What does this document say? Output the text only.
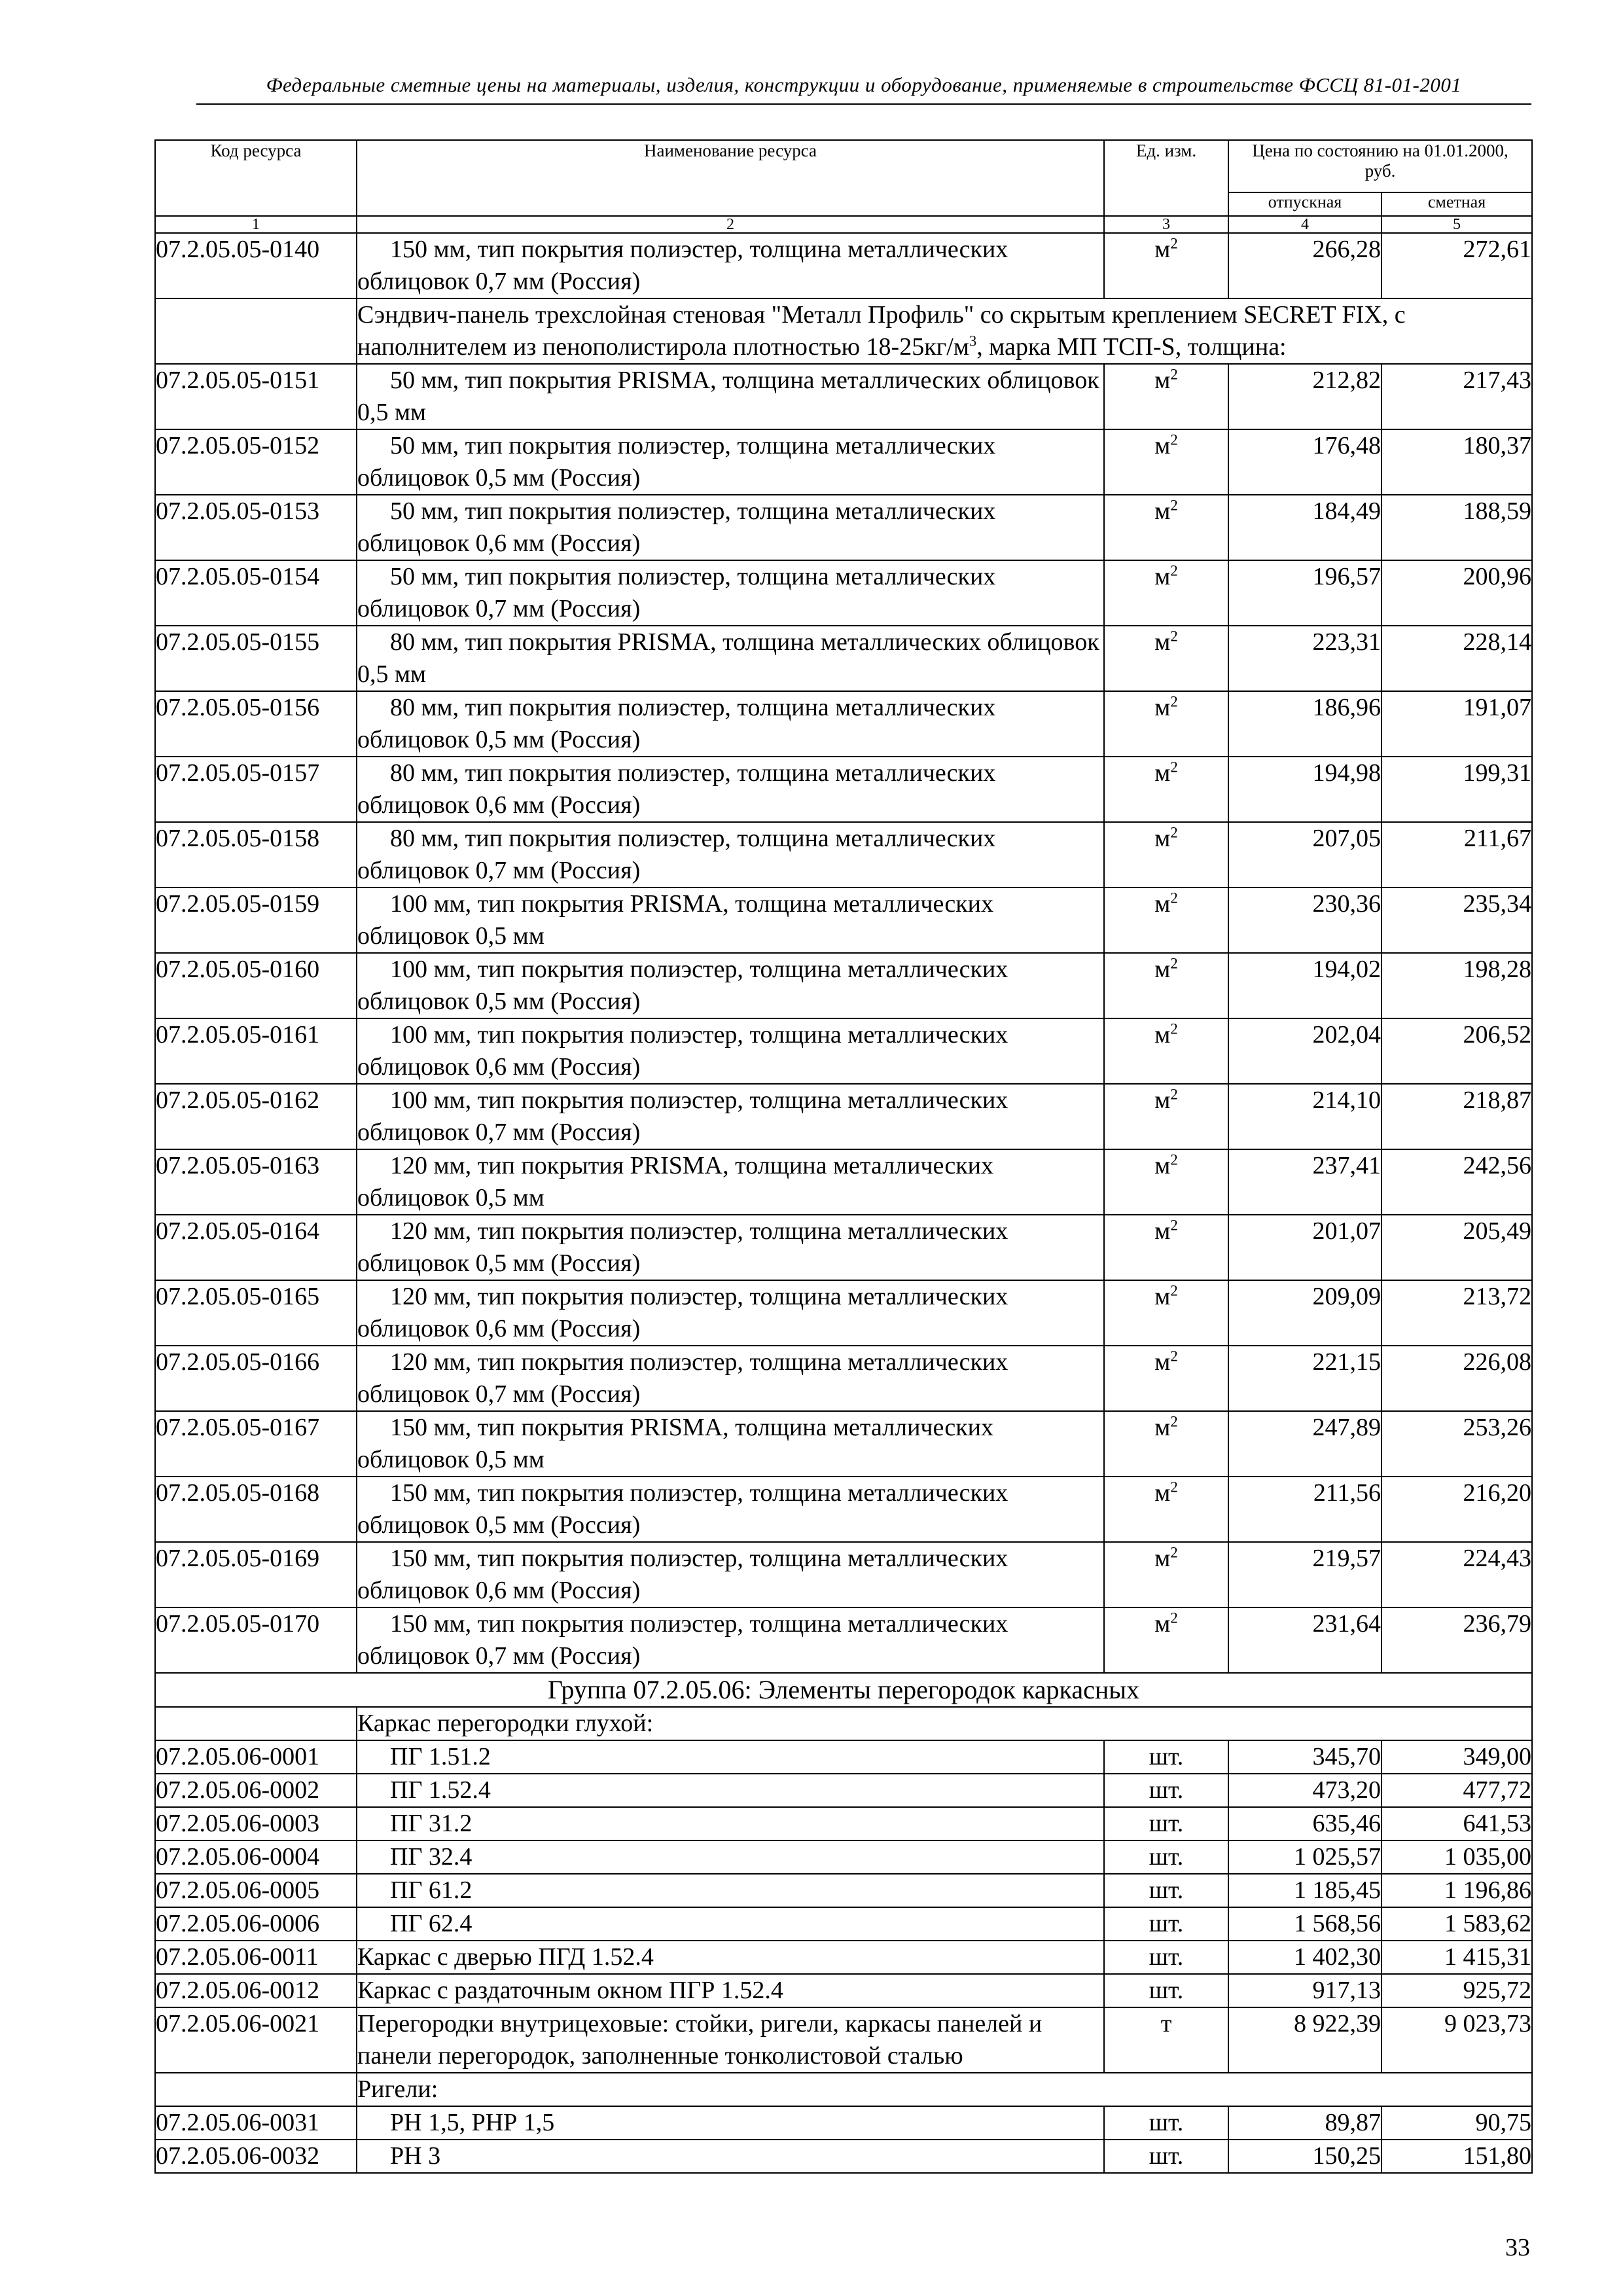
Федеральные сметные цены на материалы, изделия, конструкции и оборудование, применяемые в строительстве ФССЦ 81-01-2001
Код ресурса	Наименование ресурса	Ед. изм.	Цена по состоянию на 01.01.2000, руб.	
			отпускная	сметная
1	2	3	4	5
07.2.05.05-0140	150 мм, тип покрытия полиэстер, толщина металлических облицовок 0,7 мм (Россия)	$м^2$	266,28	272,61
	Сэндвич-панель трехслойная стеновая "Металл Профиль" со скрытым креплением SECRET FIX, с наполнителем из пенополистирола плотностью $18-25кг/м^3$, марка МП ТСП-S, толщина:			
07.2.05.05-0151	50 мм, тип покрытия PRISMA, толщина металлических облицовок 0,5 мм	$м^2$	212,82	217,43
07.2.05.05-0152	50 мм, тип покрытия полиэстер, толщина металлических облицовок 0,5 мм (Россия)	$м^2$	176,48	180,37
07.2.05.05-0153	50 мм, тип покрытия полиэстер, толщина металлических облицовок 0,6 мм (Россия)	$м^2$	184,49	188,59
07.2.05.05-0154	50 мм, тип покрытия полиэстер, толщина металлических облицовок 0,7 мм (Россия)	$м^2$	196,57	200,96
07.2.05.05-0155	80 мм, тип покрытия PRISMA, толщина металлических облицовок 0,5 мм	$м^2$	223,31	228,14
07.2.05.05-0156	80 мм, тип покрытия полиэстер, толщина металлических облицовок 0,5 мм (Россия)	$м^2$	186,96	191,07
07.2.05.05-0157	80 мм, тип покрытия полиэстер, толщина металлических облицовок 0,6 мм (Россия)	$м^2$	194,98	199,31
07.2.05.05-0158	80 мм, тип покрытия полиэстер, толщина металлических облицовок 0,7 мм (Россия)	$м^2$	207,05	211,67
07.2.05.05-0159	100 мм, тип покрытия PRISMA, толщина металлических облицовок 0,5 мм	$м^2$	230,36	235,34
07.2.05.05-0160	100 мм, тип покрытия полиэстер, толщина металлических облицовок 0,5 мм (Россия)	$м^2$	194,02	198,28
07.2.05.05-0161	100 мм, тип покрытия полиэстер, толщина металлических облицовок 0,6 мм (Россия)	$м^2$	202,04	206,52
07.2.05.05-0162	100 мм, тип покрытия полиэстер, толщина металлических облицовок 0,7 мм (Россия)	$м^2$	214,10	218,87
07.2.05.05-0163	120 мм, тип покрытия PRISMA, толщина металлических облицовок 0,5 мм	$м^2$	237,41	242,56
07.2.05.05-0164	120 мм, тип покрытия полиэстер, толщина металлических облицовок 0,5 мм (Россия)	$м^2$	201,07	205,49
07.2.05.05-0165	120 мм, тип покрытия полиэстер, толщина металлических облицовок 0,6 мм (Россия)	$м^2$	209,09	213,72
07.2.05.05-0166	120 мм, тип покрытия полиэстер, толщина металлических облицовок 0,7 мм (Россия)	$м^2$	221,15	226,08
07.2.05.05-0167	150 мм, тип покрытия PRISMA, толщина металлических облицовок 0,5 мм	$м^2$	247,89	253,26
07.2.05.05-0168	150 мм, тип покрытия полиэстер, толщина металлических облицовок 0,5 мм (Россия)	$м^2$	211,56	216,20
07.2.05.05-0169	150 мм, тип покрытия полиэстер, толщина металлических облицовок 0,6 мм (Россия)	$м^2$	219,57	224,43
07.2.05.05-0170	150 мм, тип покрытия полиэстер, толщина металлических облицовок 0,7 мм (Россия)	$м^2$	231,64	236,79
Группа 07.2.05.06: Элементы перегородок каркасных				
	Каркас перегородки глухой:			
07.2.05.06-0001	ПГ 1.51.2	шт.	345,70	349,00
07.2.05.06-0002	ПГ 1.52.4	шт.	473,20	477,72
07.2.05.06-0003	ПГ 31.2	шт.	635,46	641,53
07.2.05.06-0004	ПГ 32.4	шт.	1 025,57	1 035,00
07.2.05.06-0005	ПГ 61.2	шт.	1 185,45	1 196,86
07.2.05.06-0006	ПГ 62.4	шт.	1 568,56	1 583,62
07.2.05.06-0011	Каркас с дверью ПГД 1.52.4	шт.	1 402,30	1 415,31
07.2.05.06-0012	Каркас с раздаточным окном ПГР 1.52.4	шт.	917,13	925,72
07.2.05.06-0021	Перегородки внутрицеховые: стойки, ригели, каркасы панелей и панели перегородок, заполненные тонколистовой сталью	т	8 922,39	9 023,73
	Ригели:			
07.2.05.06-0031	РН 1,5, РНР 1,5	шт.	89,87	90,75
07.2.05.06-0032	РН 3	шт.	150,25	151,80
33
